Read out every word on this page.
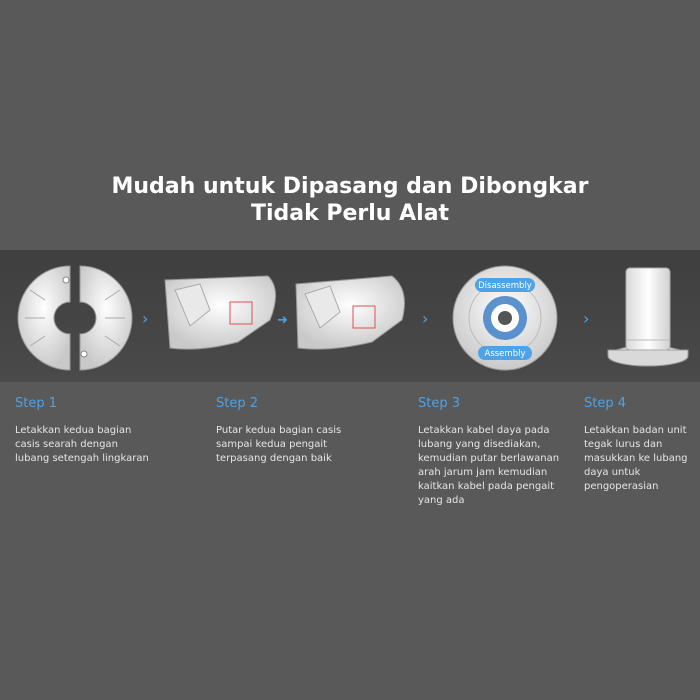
Mudah untuk Dipasang dan Dibongkar
Tidak Perlu Alat
›	➜	›
Disassembly
Assembly
›
Step 1
Letakkan kedua bagian
casis searah dengan
lubang setengah lingkaran
Step 2
Putar kedua bagian casis
sampai kedua pengait
terpasang dengan baik
Step 3
Letakkan kabel daya pada
lubang yang disediakan,
kemudian putar berlawanan
arah jarum jam kemudian
kaitkan kabel pada pengait
yang ada
Step 4
Letakkan badan unit
tegak lurus dan
masukkan ke lubang
daya untuk
pengoperasian
